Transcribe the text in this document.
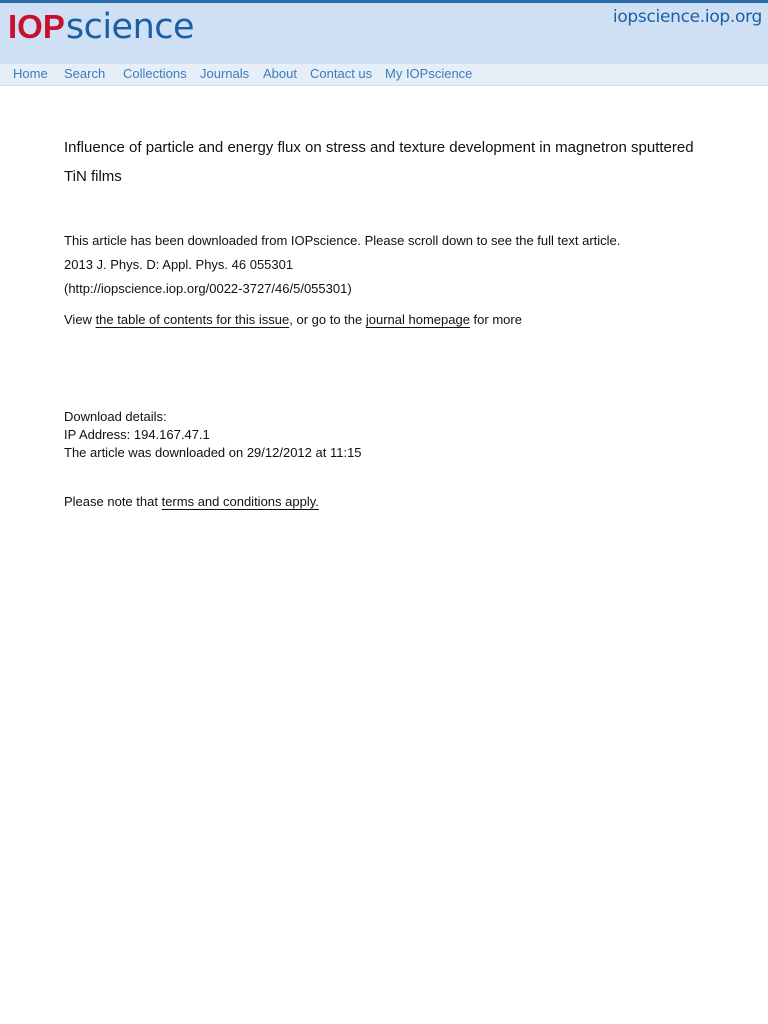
IOP science	iopscience.iop.org
Home Search Collections Journals About Contact us My IOPscience
Influence of particle and energy flux on stress and texture development in magnetron sputtered TiN films
This article has been downloaded from IOPscience. Please scroll down to see the full text article.
2013 J. Phys. D: Appl. Phys. 46 055301
(http://iopscience.iop.org/0022-3727/46/5/055301)
View the table of contents for this issue, or go to the journal homepage for more
Download details:
IP Address: 194.167.47.1
The article was downloaded on 29/12/2012 at 11:15
Please note that terms and conditions apply.
